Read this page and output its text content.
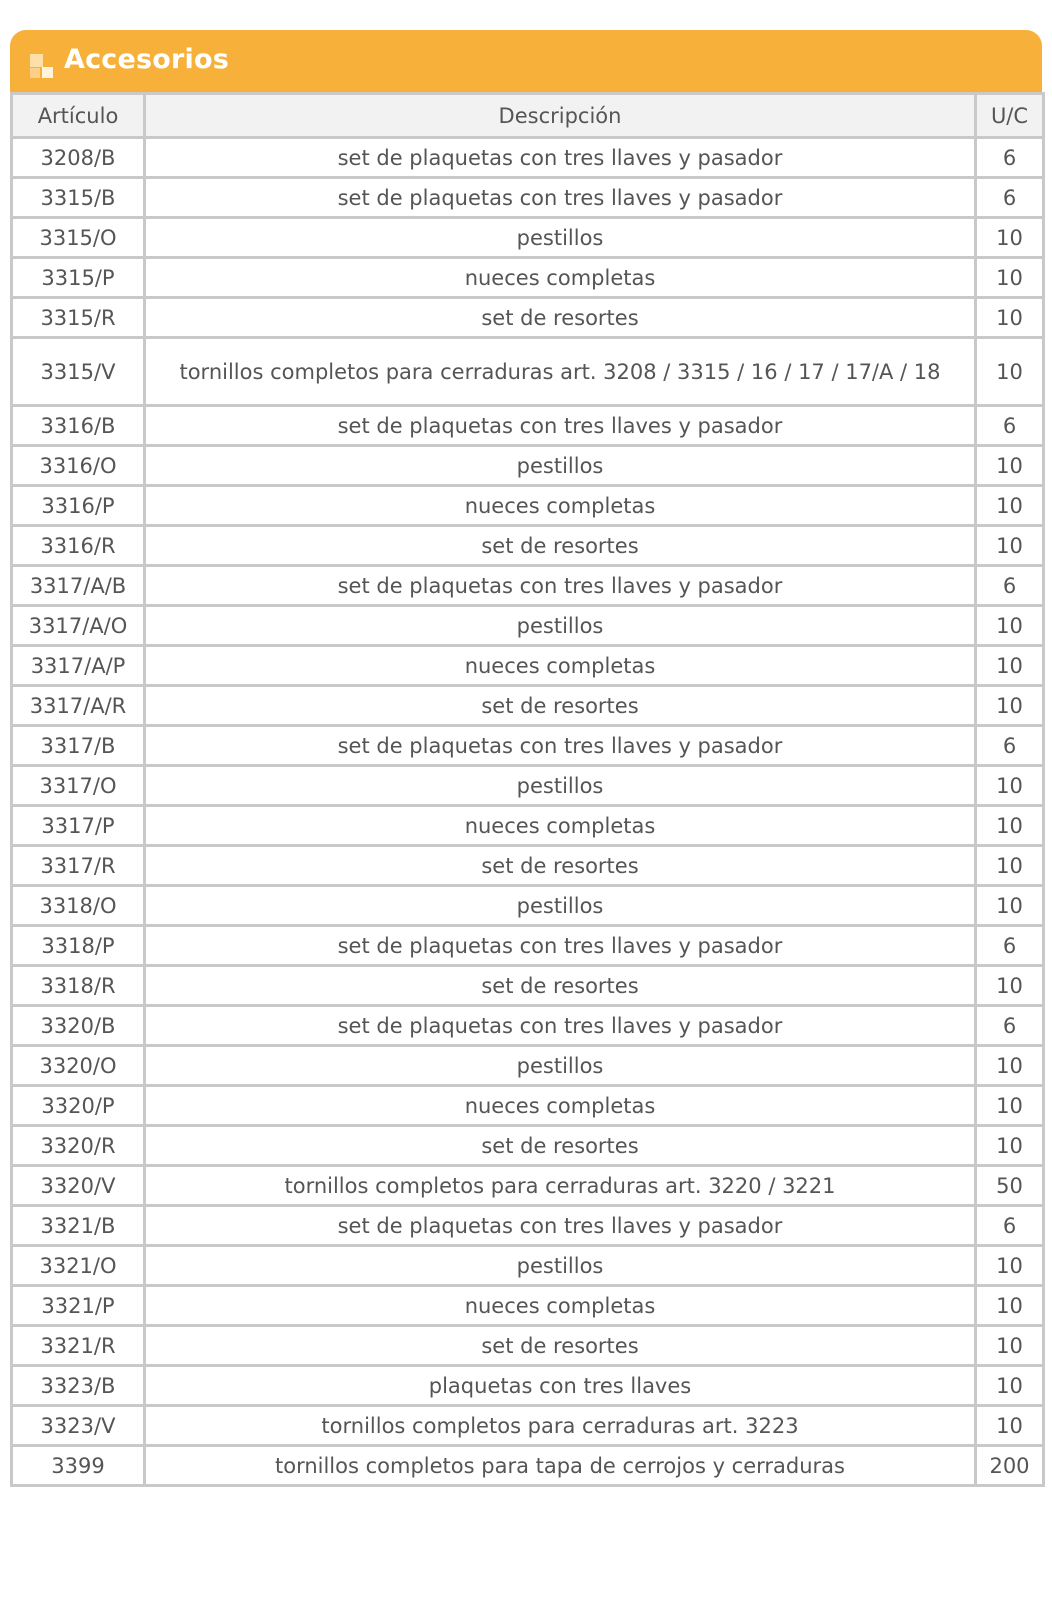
Accesorios
Artículo	Descripción	U/C
3208/B	set de plaquetas con tres llaves y pasador	6
3315/B	set de plaquetas con tres llaves y pasador	6
3315/O	pestillos	10
3315/P	nueces completas	10
3315/R	set de resortes	10
3315/V	tornillos completos para cerraduras art. 3208 / 3315 / 16 / 17 / 17/A / 18	10
3316/B	set de plaquetas con tres llaves y pasador	6
3316/O	pestillos	10
3316/P	nueces completas	10
3316/R	set de resortes	10
3317/A/B	set de plaquetas con tres llaves y pasador	6
3317/A/O	pestillos	10
3317/A/P	nueces completas	10
3317/A/R	set de resortes	10
3317/B	set de plaquetas con tres llaves y pasador	6
3317/O	pestillos	10
3317/P	nueces completas	10
3317/R	set de resortes	10
3318/O	pestillos	10
3318/P	set de plaquetas con tres llaves y pasador	6
3318/R	set de resortes	10
3320/B	set de plaquetas con tres llaves y pasador	6
3320/O	pestillos	10
3320/P	nueces completas	10
3320/R	set de resortes	10
3320/V	tornillos completos para cerraduras art. 3220 / 3221	50
3321/B	set de plaquetas con tres llaves y pasador	6
3321/O	pestillos	10
3321/P	nueces completas	10
3321/R	set de resortes	10
3323/B	plaquetas con tres llaves	10
3323/V	tornillos completos para cerraduras art. 3223	10
3399	tornillos completos para tapa de cerrojos y cerraduras	200
